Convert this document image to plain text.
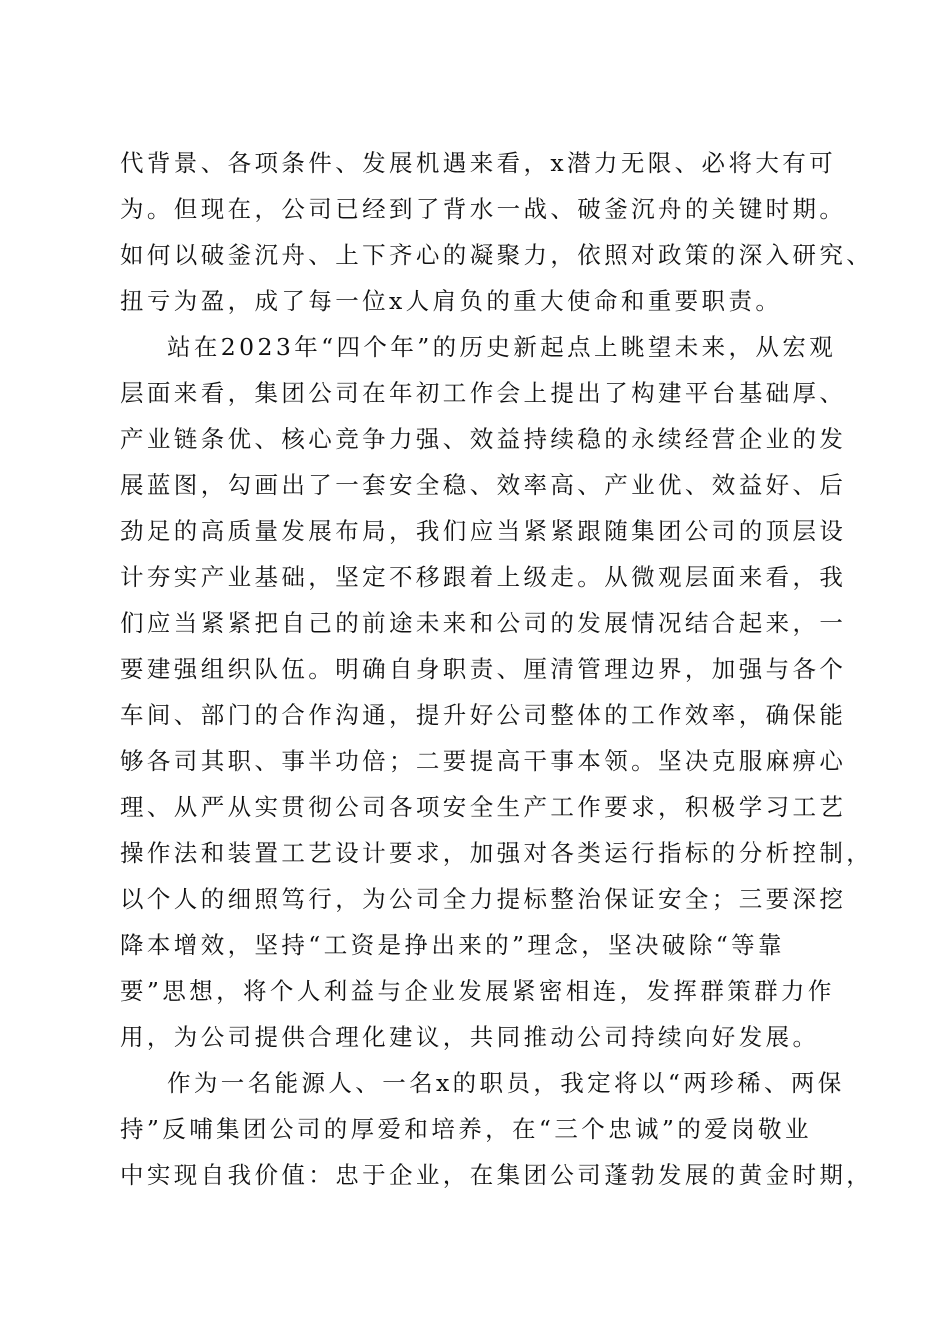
代背景、各项条件、发展机遇来看，x潜力无限、必将大有可
为。但现在，公司已经到了背水一战、破釜沉舟的关键时期。
如何以破釜沉舟、上下齐心的凝聚力，依照对政策的深入研究、
扭亏为盈，成了每一位x人肩负的重大使命和重要职责。
站在2023年“四个年”的历史新起点上眺望未来，从宏观
层面来看，集团公司在年初工作会上提出了构建平台基础厚、
产业链条优、核心竞争力强、效益持续稳的永续经营企业的发
展蓝图，勾画出了一套安全稳、效率高、产业优、效益好、后
劲足的高质量发展布局，我们应当紧紧跟随集团公司的顶层设
计夯实产业基础，坚定不移跟着上级走。从微观层面来看，我
们应当紧紧把自己的前途未来和公司的发展情况结合起来，一
要建强组织队伍。明确自身职责、厘清管理边界，加强与各个
车间、部门的合作沟通，提升好公司整体的工作效率，确保能
够各司其职、事半功倍；二要提高干事本领。坚决克服麻痹心
理、从严从实贯彻公司各项安全生产工作要求，积极学习工艺
操作法和装置工艺设计要求，加强对各类运行指标的分析控制，
以个人的细照笃行，为公司全力提标整治保证安全；三要深挖
降本增效，坚持“工资是挣出来的”理念，坚决破除“等靠
要”思想，将个人利益与企业发展紧密相连，发挥群策群力作
用，为公司提供合理化建议，共同推动公司持续向好发展。
作为一名能源人、一名x的职员，我定将以“两珍稀、两保
持”反哺集团公司的厚爱和培养，在“三个忠诚”的爱岗敬业
中实现自我价值：忠于企业，在集团公司蓬勃发展的黄金时期，
